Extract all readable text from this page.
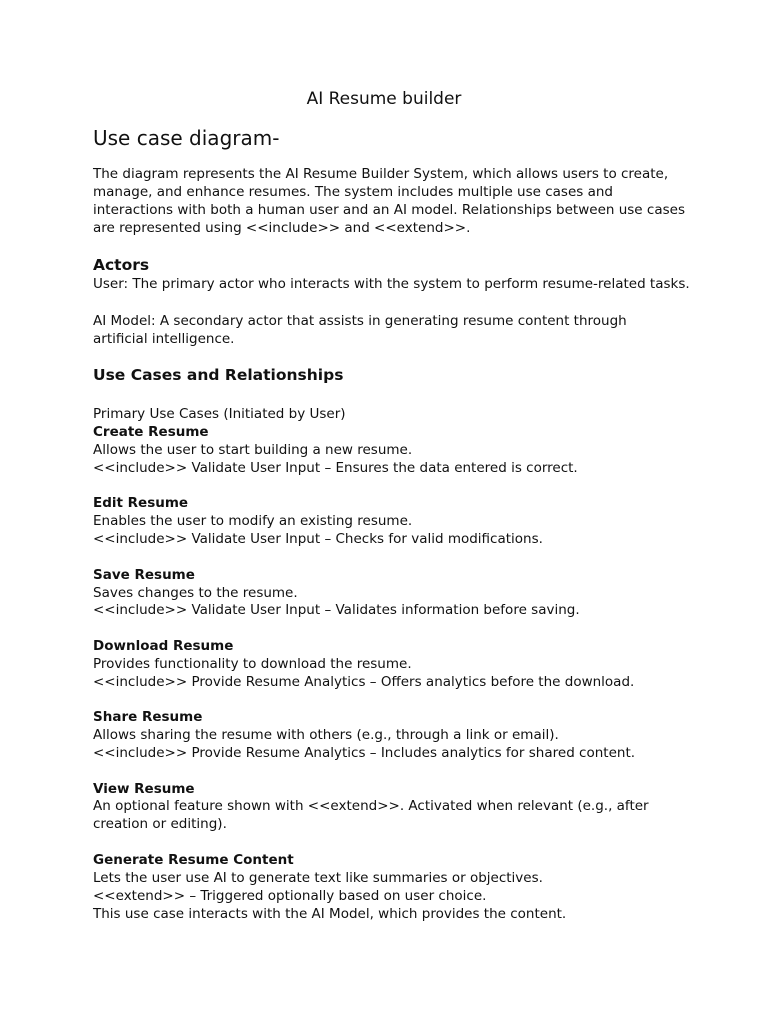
AI Resume builder
Use case diagram-

The diagram represents the AI Resume Builder System, which allows users to create, manage, and enhance resumes. The system includes multiple use cases and interactions with both a human user and an AI model. Relationships between use cases are represented using <<include>> and <<extend>>.

Actors

User: The primary actor who interacts with the system to perform resume-related tasks.

AI Model: A secondary actor that assists in generating resume content through artificial intelligence.

Use Cases and Relationships

Primary Use Cases (Initiated by User)

Create Resume

Allows the user to start building a new resume.

<<include>> Validate User Input – Ensures the data entered is correct.

Edit Resume

Enables the user to modify an existing resume.

<<include>> Validate User Input – Checks for valid modifications.

Save Resume

Saves changes to the resume.

<<include>> Validate User Input – Validates information before saving.

Download Resume

Provides functionality to download the resume.

<<include>> Provide Resume Analytics – Offers analytics before the download.

Share Resume

Allows sharing the resume with others (e.g., through a link or email).

<<include>> Provide Resume Analytics – Includes analytics for shared content.

View Resume

An optional feature shown with <<extend>>. Activated when relevant (e.g., after

creation or editing).

Generate Resume Content

Lets the user use AI to generate text like summaries or objectives.

<<extend>> – Triggered optionally based on user choice.

This use case interacts with the AI Model, which provides the content.
